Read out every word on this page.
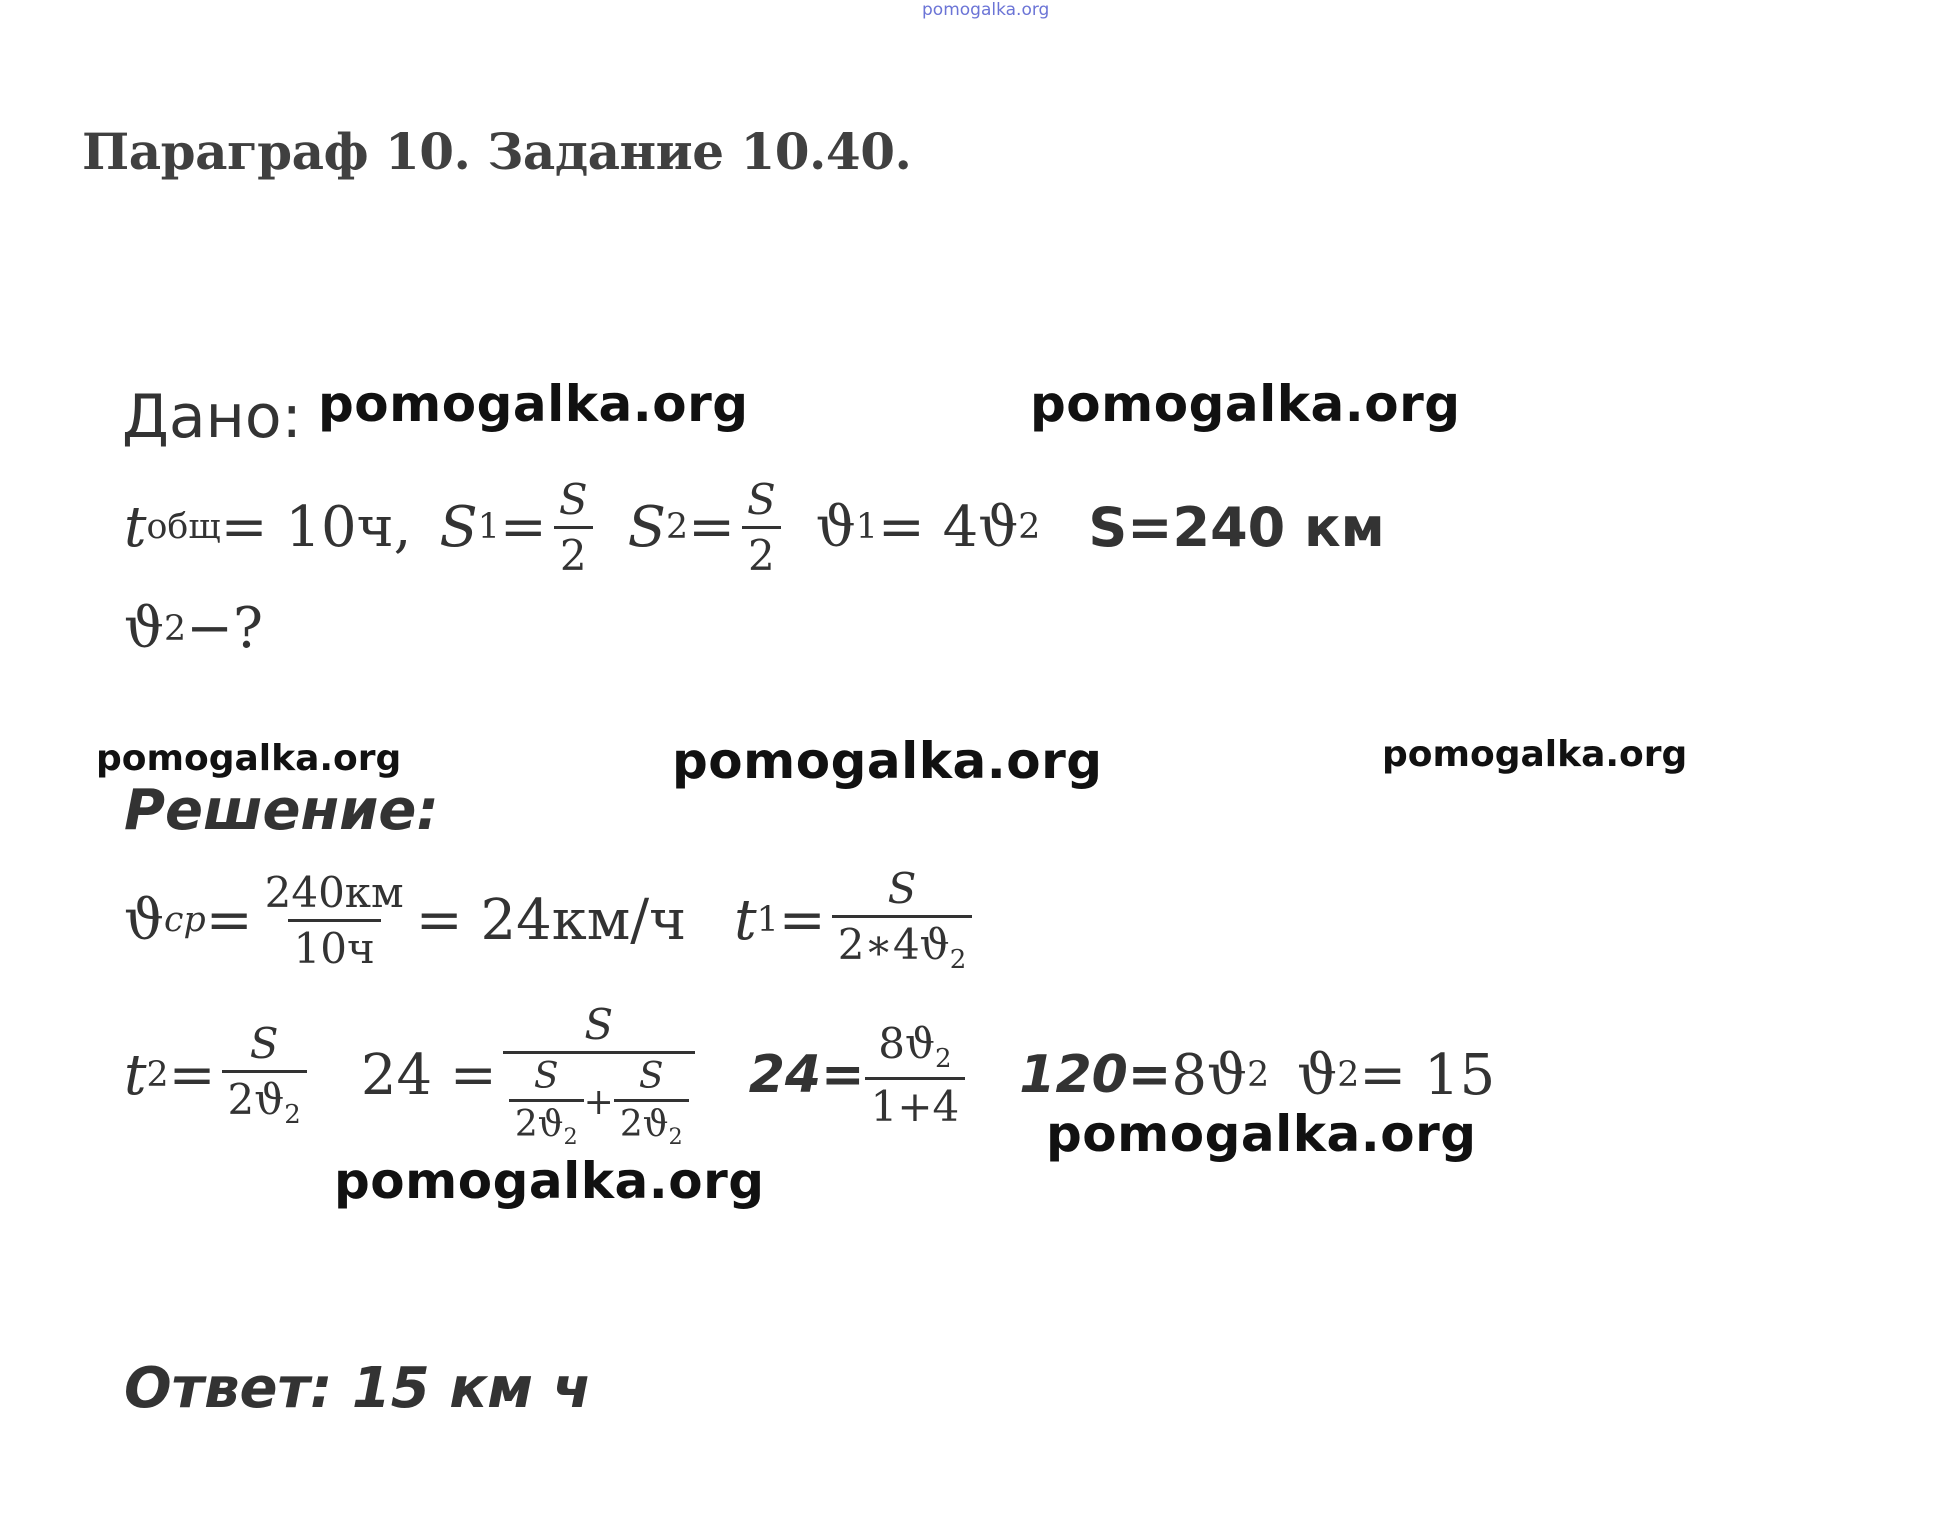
pomogalka.org
Параграф 10. Задание 10.40.
pomogalka.org	pomogalka.org
pomogalka.org	pomogalka.org	pomogalka.org
pomogalka.org
pomogalka.org
Дано:
t общ = 10ч, S $1 = \frac{S}{2}$ S $2 = \frac{S}{2}$ ϑ 1 = 4ϑ 2 S=240 км
ϑ 2 −?
Решение:
ϑ ср = $\frac{240км}{10ч} = 24км/ч$ t $1 = \frac{S}{2∗4ϑ_2}$
t $2 = \frac{S}{2ϑ_2} 24 = \frac{S}{\frac{S}{2ϑ_2} + \frac{S}{2ϑ_2}} 24= \frac{8ϑ_2}{1+4} 120= 8ϑ$ 2 ϑ 2 = 15
Ответ: 15 км ч
